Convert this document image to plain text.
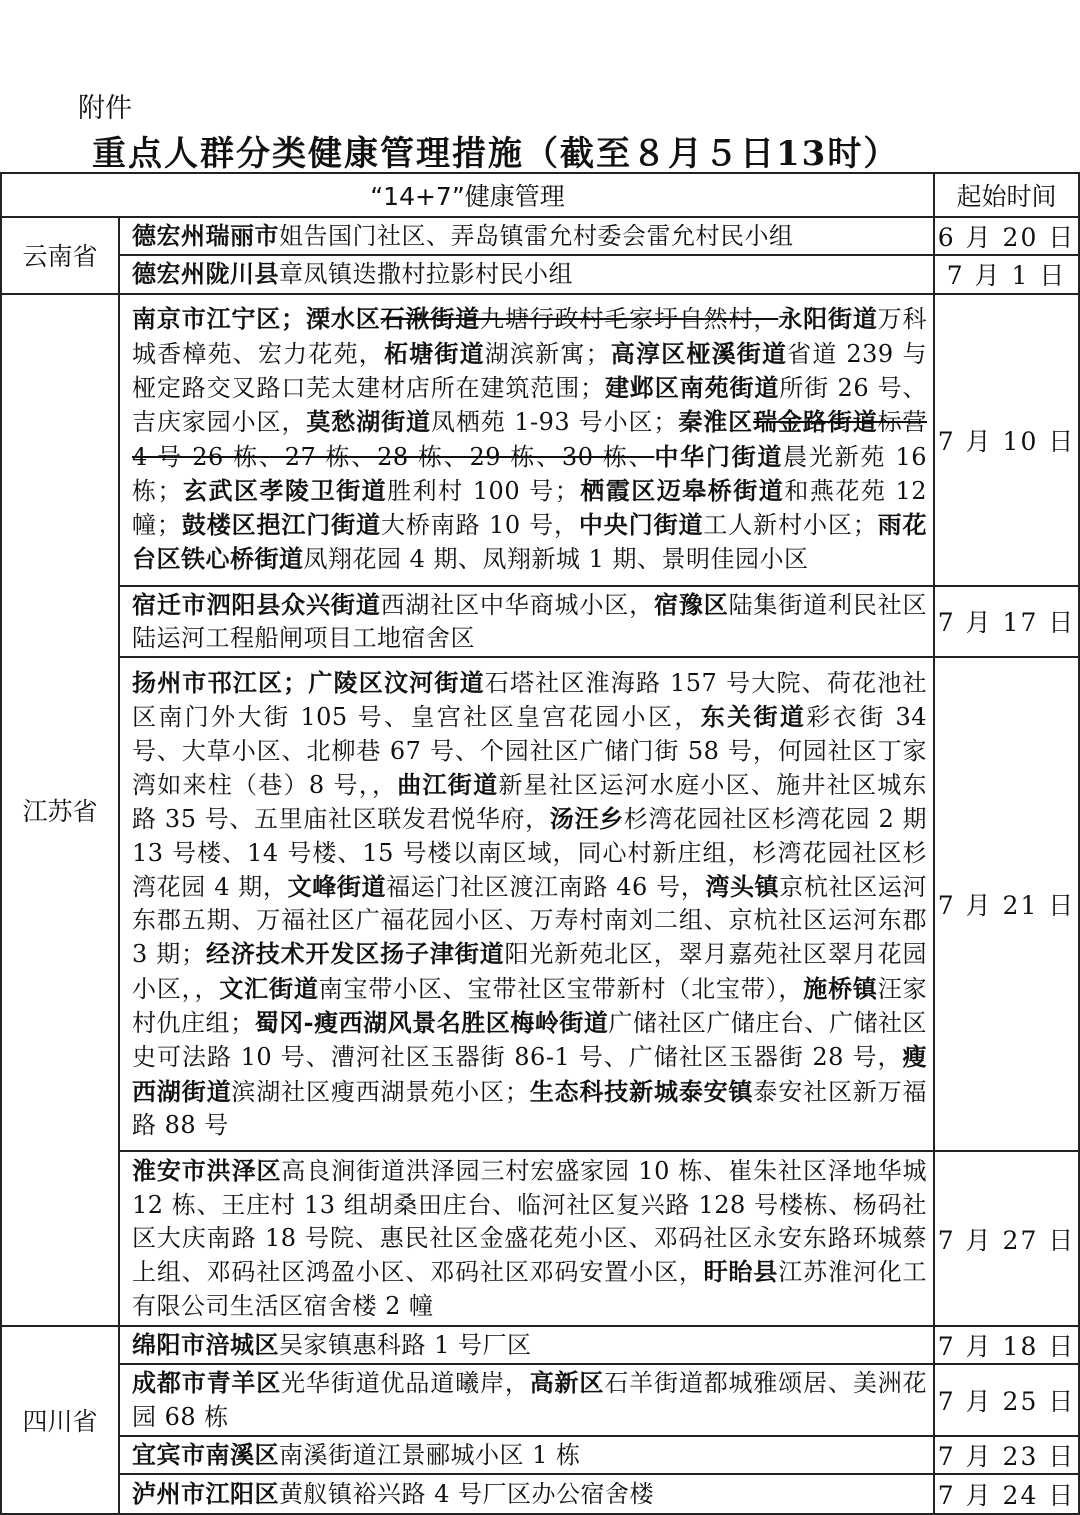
附件
重点人群分类健康管理措施（截至８月５日13时）
“14+7”健康管理		起始时间
云南省	德宏州瑞丽市姐告国门社区、弄岛镇雷允村委会雷允村民小组	6 月 20 日
	德宏州陇川县章凤镇迭撒村拉影村民小组	7 月 1 日
江苏省	南京市江宁区；溧水区石湫街道九塘行政村毛家圩自然村，永阳街道万科城香樟苑、宏力花苑，柘塘街道湖滨新寓；高淳区桠溪街道省道 239 与桠定路交叉路口芜太建材店所在建筑范围；建邺区南苑街道所街 26 号、吉庆家园小区，莫愁湖街道凤栖苑 1-93 号小区；秦淮区瑞金路街道标营 4 号 26 栋、27 栋、28 栋、29 栋、30 栋、中华门街道晨光新苑 16 栋；玄武区孝陵卫街道胜利村 100 号；栖霞区迈皋桥街道和燕花苑 12 幢；鼓楼区挹江门街道大桥南路 10 号，中央门街道工人新村小区；雨花台区铁心桥街道凤翔花园 4 期、凤翔新城 1 期、景明佳园小区	7 月 10 日
	宿迁市泗阳县众兴街道西湖社区中华商城小区，宿豫区陆集街道利民社区陆运河工程船闸项目工地宿舍区	7 月 17 日
	扬州市邗江区；广陵区汶河街道石塔社区淮海路 157 号大院、荷花池社区南门外大街 105 号、皇宫社区皇宫花园小区，东关街道彩衣街 34 号、大草小区、北柳巷 67 号、个园社区广储门街 58 号，何园社区丁家湾如来柱（巷）8 号，，曲江街道新星社区运河水庭小区、施井社区城东路 35 号、五里庙社区联发君悦华府，汤汪乡杉湾花园社区杉湾花园 2 期 13 号楼、14 号楼、15 号楼以南区域，同心村新庄组，杉湾花园社区杉湾花园 4 期，文峰街道福运门社区渡江南路 46 号，湾头镇京杭社区运河东郡五期、万福社区广福花园小区、万寿村南刘二组、京杭社区运河东郡 3 期；经济技术开发区扬子津街道阳光新苑北区，翠月嘉苑社区翠月花园小区，，文汇街道南宝带小区、宝带社区宝带新村（北宝带），施桥镇汪家村仇庄组；蜀冈-瘦西湖风景名胜区梅岭街道广储社区广储庄台、广储社区史可法路 10 号、漕河社区玉器街 86-1 号、广储社区玉器街 28 号，瘦西湖街道滨湖社区瘦西湖景苑小区；生态科技新城泰安镇泰安社区新万福路 88 号	7 月 21 日
	淮安市洪泽区高良涧街道洪泽园三村宏盛家园 10 栋、崔朱社区泽地华城 12 栋、王庄村 13 组胡桑田庄台、临河社区复兴路 128 号楼栋、杨码社区大庆南路 18 号院、惠民社区金盛花苑小区、邓码社区永安东路环城蔡上组、邓码社区鸿盈小区、邓码社区邓码安置小区，盱眙县江苏淮河化工有限公司生活区宿舍楼 2 幢	7 月 27 日
四川省	绵阳市涪城区吴家镇惠科路 1 号厂区	7 月 18 日
	成都市青羊区光华街道优品道曦岸，高新区石羊街道都城雅颂居、美洲花园 68 栋	7 月 25 日
	宜宾市南溪区南溪街道江景郦城小区 1 栋	7 月 23 日
	泸州市江阳区黄舣镇裕兴路 4 号厂区办公宿舍楼	7 月 24 日
